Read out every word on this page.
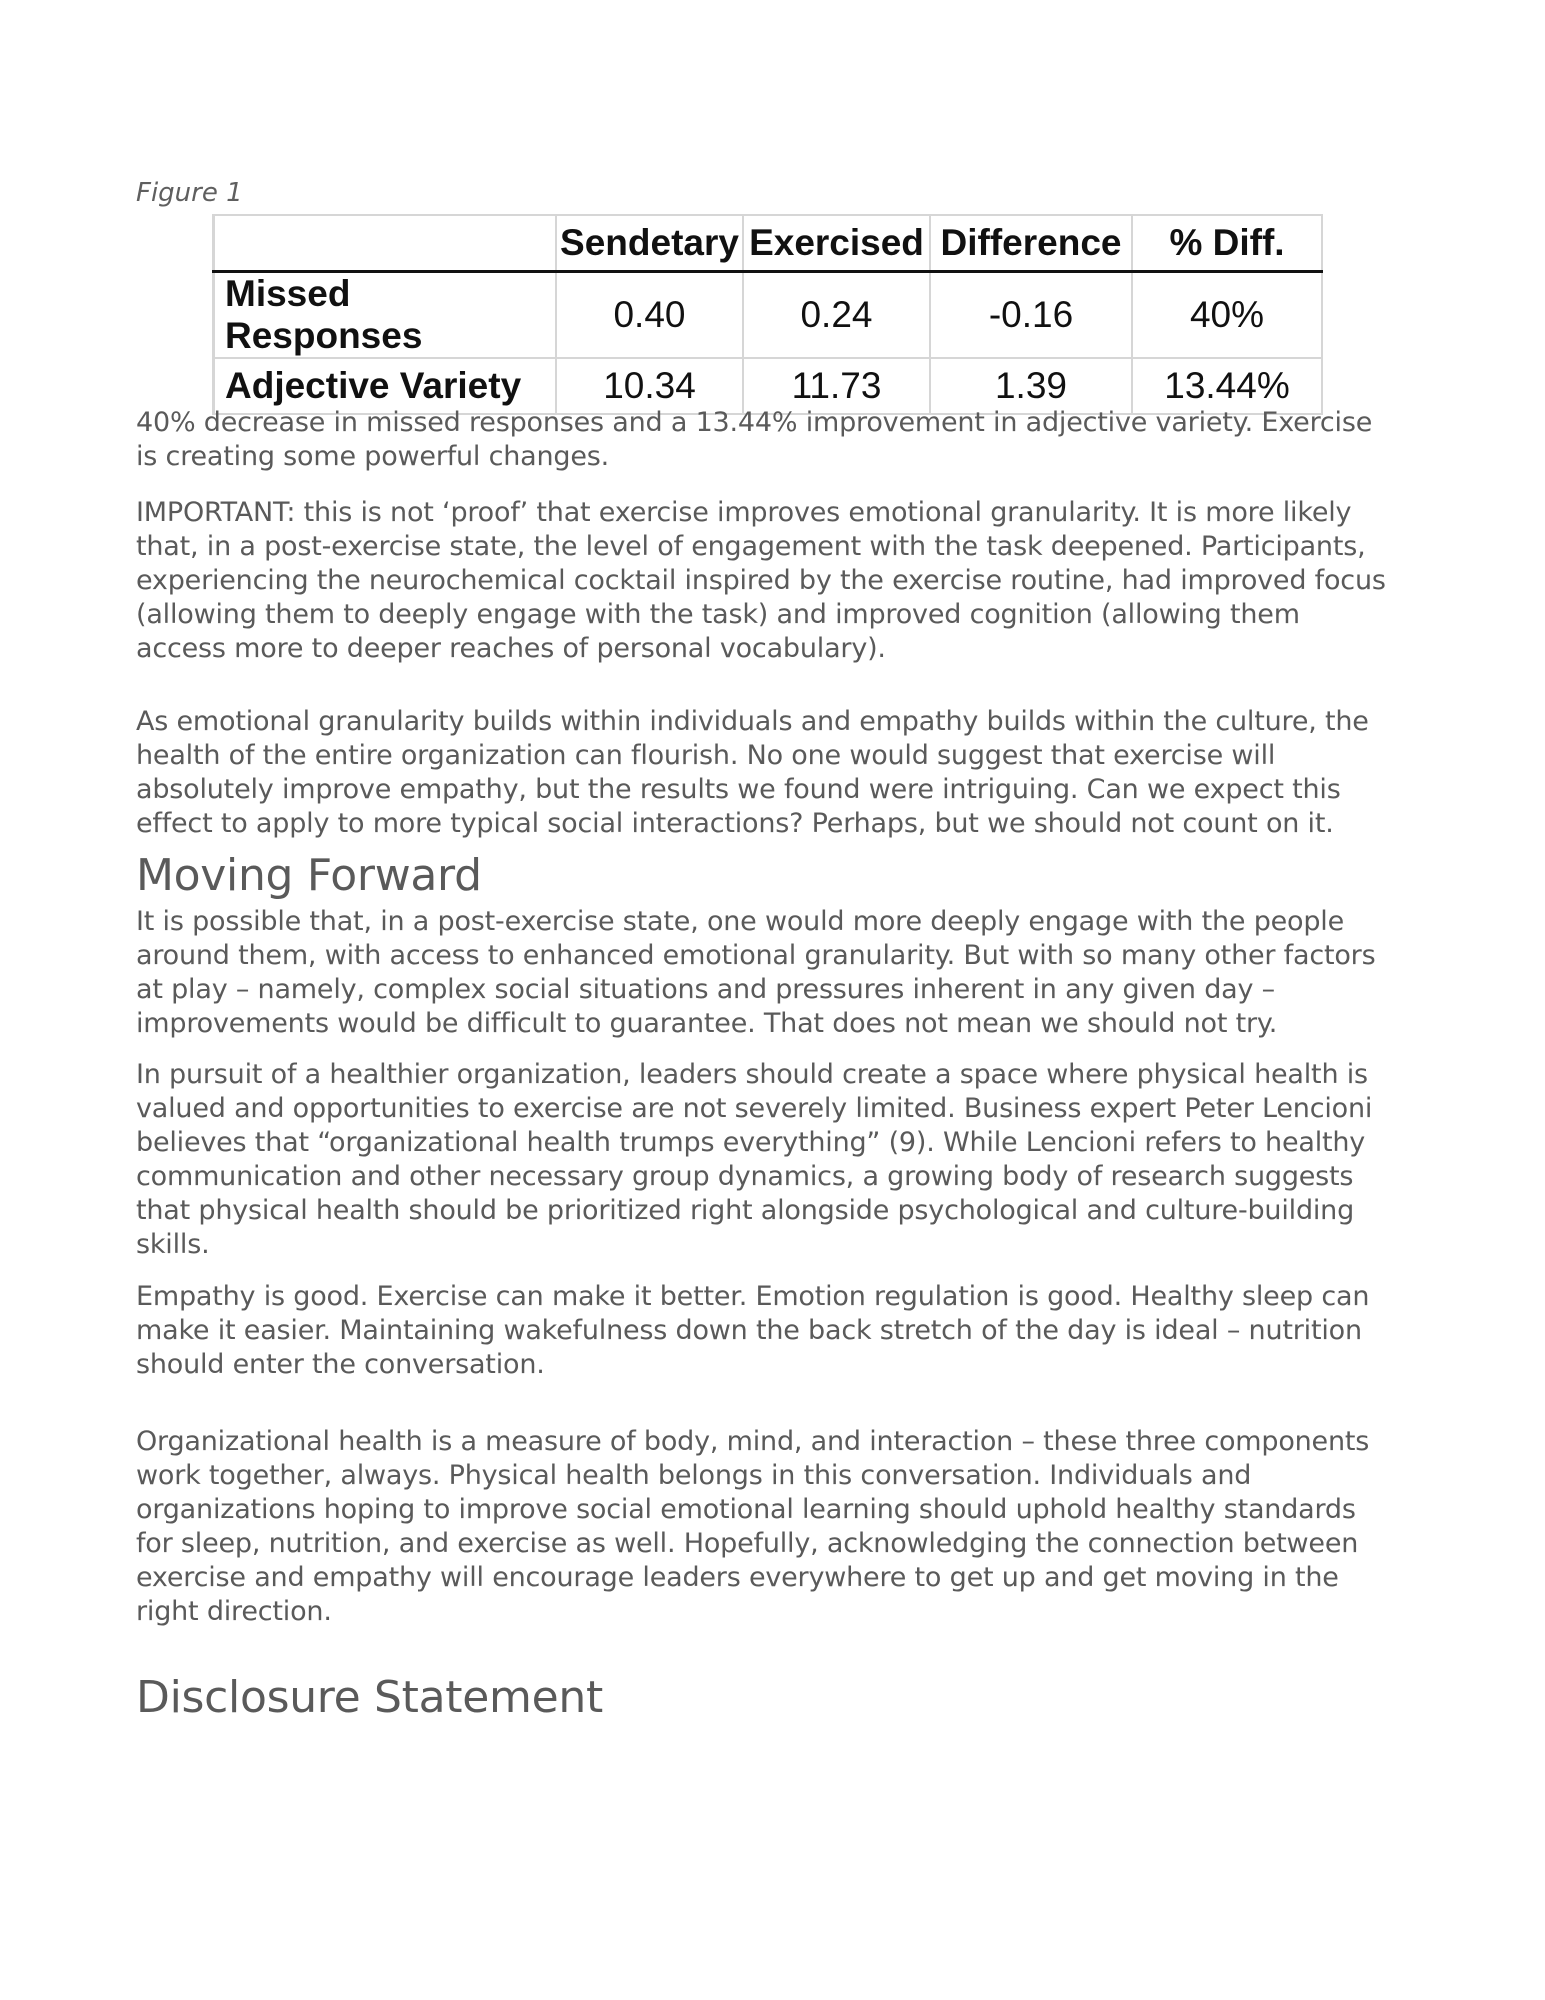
Figure 1
	Sendetary	Exercised	Difference	% Diff.
Missed Responses	0.40	0.24	-0.16	40%
Adjective Variety	10.34	11.73	1.39	13.44%

40% decrease in missed responses and a 13.44% improvement in adjective variety. Exercise is creating some powerful changes.

IMPORTANT: this is not ‘proof’ that exercise improves emotional granularity. It is more likely that, in a post-exercise state, the level of engagement with the task deepened. Participants, experiencing the neurochemical cocktail inspired by the exercise routine, had improved focus (allowing them to deeply engage with the task) and improved cognition (allowing them access more to deeper reaches of personal vocabulary).

As emotional granularity builds within individuals and empathy builds within the culture, the health of the entire organization can flourish. No one would suggest that exercise will absolutely improve empathy, but the results we found were intriguing. Can we expect this effect to apply to more typical social interactions? Perhaps, but we should not count on it.

Moving Forward

It is possible that, in a post-exercise state, one would more deeply engage with the people around them, with access to enhanced emotional granularity. But with so many other factors at play – namely, complex social situations and pressures inherent in any given day – improvements would be difficult to guarantee. That does not mean we should not try.

In pursuit of a healthier organization, leaders should create a space where physical health is valued and opportunities to exercise are not severely limited. Business expert Peter Lencioni believes that “organizational health trumps everything” (9). While Lencioni refers to healthy communication and other necessary group dynamics, a growing body of research suggests that physical health should be prioritized right alongside psychological and culture-building skills.

Empathy is good. Exercise can make it better. Emotion regulation is good. Healthy sleep can make it easier. Maintaining wakefulness down the back stretch of the day is ideal – nutrition should enter the conversation.

Organizational health is a measure of body, mind, and interaction – these three components work together, always. Physical health belongs in this conversation. Individuals and organizations hoping to improve social emotional learning should uphold healthy standards for sleep, nutrition, and exercise as well. Hopefully, acknowledging the connection between exercise and empathy will encourage leaders everywhere to get up and get moving in the right direction.

Disclosure Statement
